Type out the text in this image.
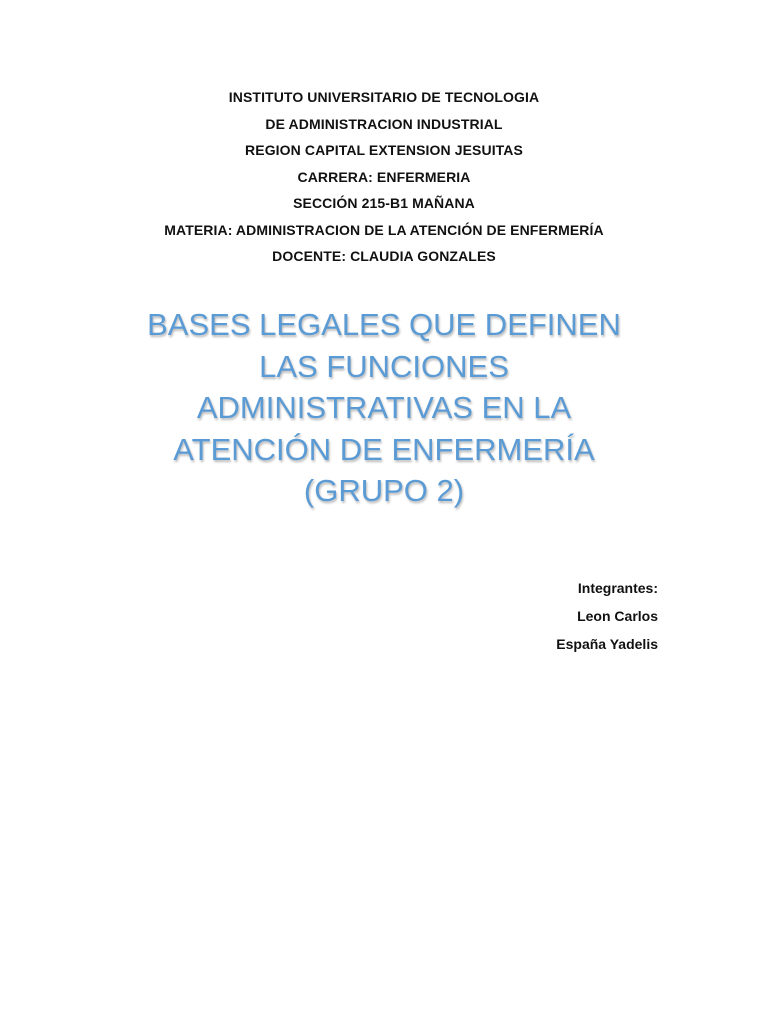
INSTITUTO UNIVERSITARIO DE TECNOLOGIA
DE ADMINISTRACION INDUSTRIAL
REGION CAPITAL EXTENSION JESUITAS
CARRERA: ENFERMERIA
SECCIÓN 215-B1 MAÑANA
MATERIA: ADMINISTRACION DE LA ATENCIÓN DE ENFERMERÍA
DOCENTE: CLAUDIA GONZALES
BASES LEGALES QUE DEFINEN
LAS FUNCIONES
ADMINISTRATIVAS EN LA
ATENCIÓN DE ENFERMERÍA
(GRUPO 2)
Integrantes:
Leon Carlos
España Yadelis
